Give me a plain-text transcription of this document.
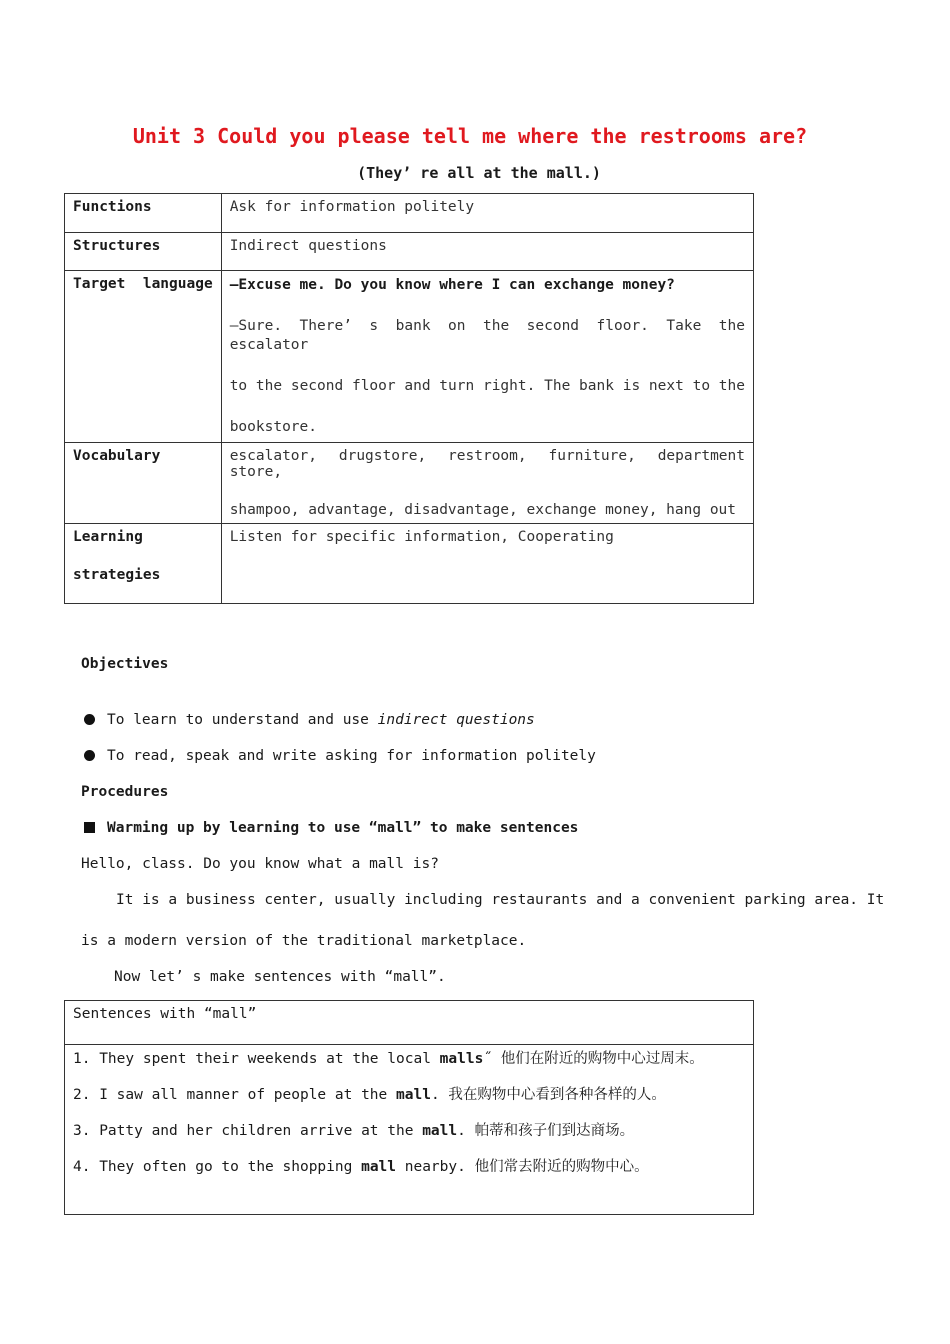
Unit 3 Could you please tell me where the restrooms are?
(They’ re all at the mall.)
Functions	Ask for information politely
Structures	Indirect questions
Target  language	—Excuse me. Do you know where I can exchange money?
—Sure. There’ s bank on the second floor. Take the escalator
to the second floor and turn right. The bank is next to the
bookstore.

Vocabulary	escalator, drugstore, restroom, furniture, department store,
shampoo, advantage, disadvantage, exchange money, hang out

Learning
strategies	Listen for specific information, Cooperating
Objectives
To learn to understand and use indirect questions
To read, speak and write asking for information politely
Procedures
Warming up by learning to use “mall” to make sentences
Hello, class. Do you know what a mall is?
It is a business center, usually including restaurants and a convenient parking area. It
is a modern version of the traditional marketplace.
Now let’ s make sentences with “mall”.
Sentences with “mall”

1. They spent their weekends at the local malls˝ 他们在附近的购物中心过周末。
2. I saw all manner of people at the mall. 我在购物中心看到各种各样的人。
3. Patty and her children arrive at the mall. 帕蒂和孩子们到达商场。
4. They often go to the shopping mall nearby. 他们常去附近的购物中心。
